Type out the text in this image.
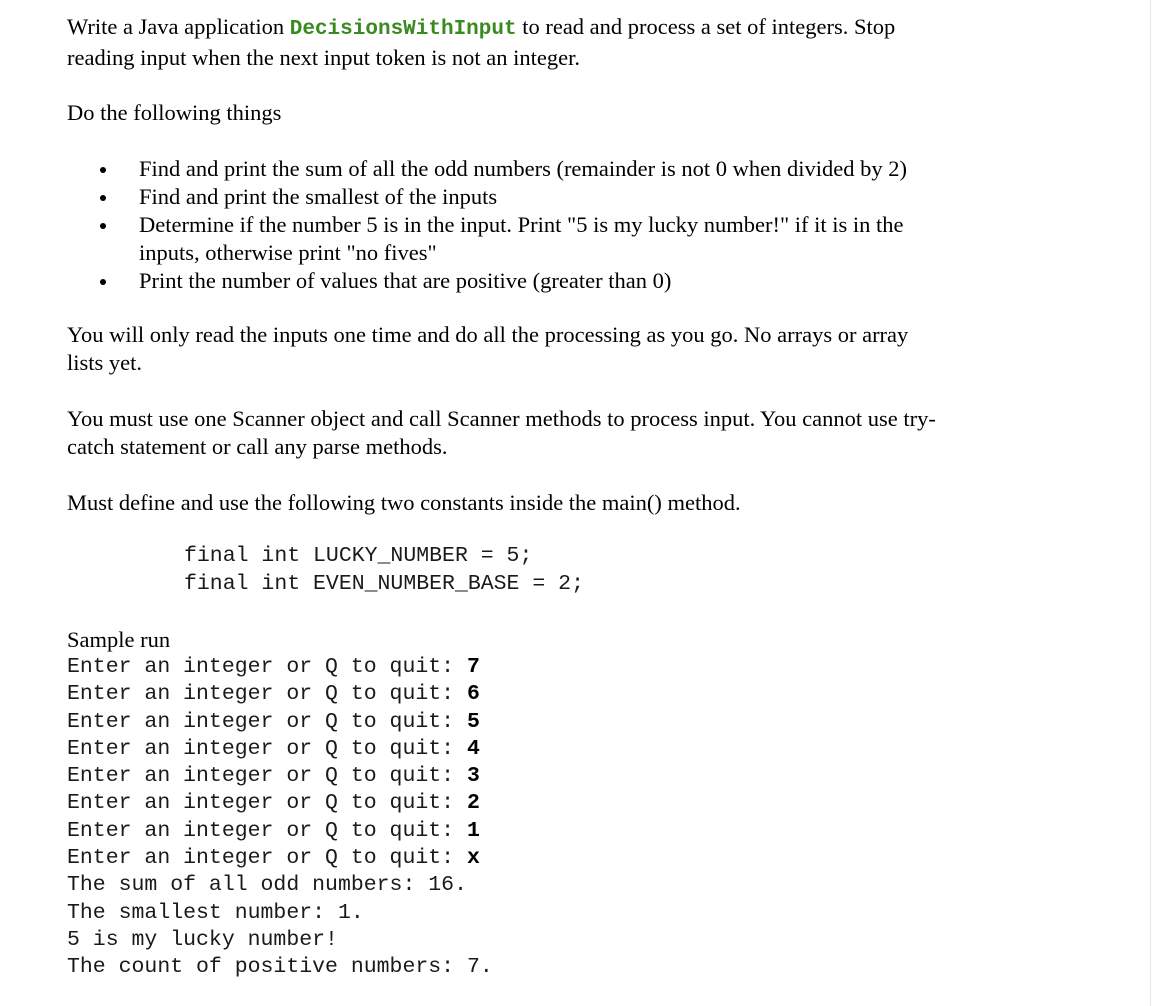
Write a Java application DecisionsWithInput to read and process a set of integers. Stop
reading input when the next input token is not an integer.

Do the following things

Find and print the sum of all the odd numbers (remainder is not 0 when divided by 2)
Find and print the smallest of the inputs
Determine if the number 5 is in the input. Print "5 is my lucky number!" if it is in the
inputs, otherwise print "no fives"
Print the number of values that are positive (greater than 0)

You will only read the inputs one time and do all the processing as you go. No arrays or array
lists yet.

You must use one Scanner object and call Scanner methods to process input. You cannot use try-
catch statement or call any parse methods.

Must define and use the following two constants inside the main() method.

final int LUCKY_NUMBER = 5;
final int EVEN_NUMBER_BASE = 2;
Sample run
Enter an integer or Q to quit: 7
Enter an integer or Q to quit: 6
Enter an integer or Q to quit: 5
Enter an integer or Q to quit: 4
Enter an integer or Q to quit: 3
Enter an integer or Q to quit: 2
Enter an integer or Q to quit: 1
Enter an integer or Q to quit: x
The sum of all odd numbers: 16.
The smallest number: 1.
5 is my lucky number!
The count of positive numbers: 7.
